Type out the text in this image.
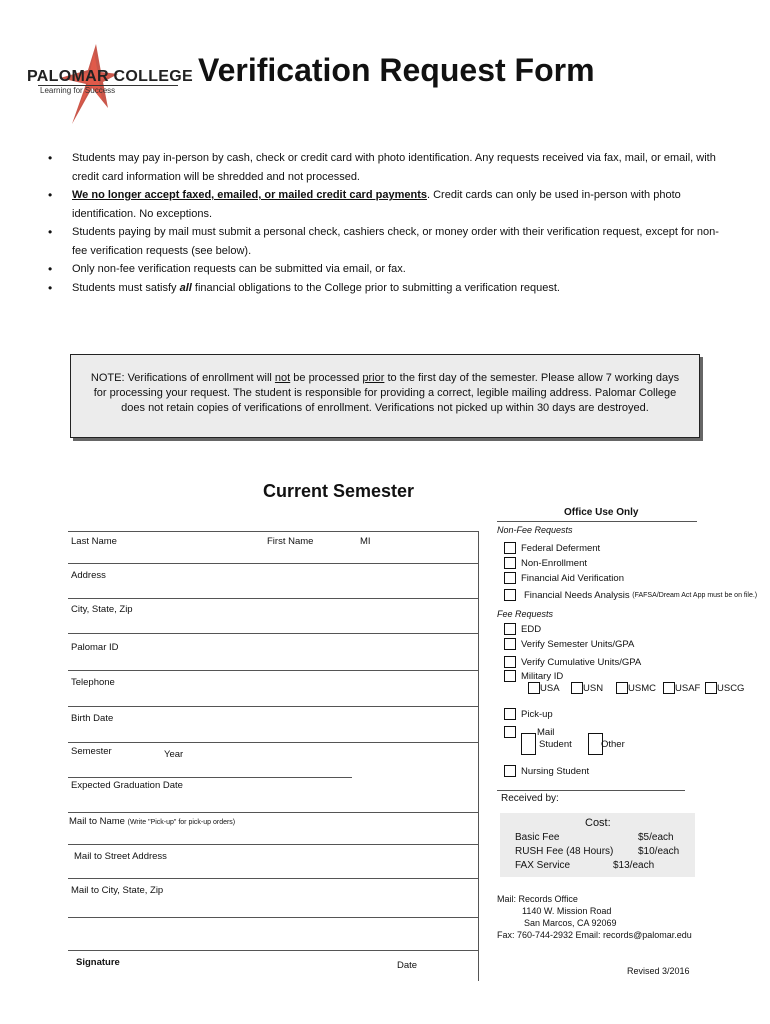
PALOMAR COLLEGE
Learning for Success
Verification Request Form
• Students may pay in-person by cash, check or credit card with photo identification. Any requests received via fax, mail, or email, with credit card information will be shredded and not processed.
• We no longer accept faxed, emailed, or mailed credit card payments. Credit cards can only be used in-person with photo identification. No exceptions.
• Students paying by mail must submit a personal check, cashiers check, or money order with their verification request, except for non-fee verification requests (see below).
• Only non-fee verification requests can be submitted via email, or fax.
• Students must satisfy all financial obligations to the College prior to submitting a verification request.

NOTE: Verifications of enrollment will not be processed prior to the first day of the semester. Please allow 7 working days for processing your request. The student is responsible for providing a correct, legible mailing address. Palomar College does not retain copies of verifications of enrollment. Verifications not picked up within 30 days are destroyed.

Current Semester
Last Name	First Name	MI
Address
City, State, Zip
Palomar ID
Telephone
Birth Date
Semester	Year
Expected Graduation Date
Mail to Name (Write "Pick-up" for pick-up orders)
Mail to Street Address
Mail to City, State, Zip
Signature	Date
Office Use Only
Non-Fee Requests
Federal Deferment
Non-Enrollment
Financial Aid Verification
Financial Needs Analysis
(FAFSA/Dream Act App must be on file.)
Fee Requests
EDD
Verify Semester Units/GPA
Verify Cumulative Units/GPA
Military ID
USA USN	USMC USAF USCG
Pick-up
Mail
Student	Other
Nursing Student
Received by:
Cost:
Basic Fee	$5/each
RUSH Fee (48 Hours) $10/each
FAX Service	$13/each
Mail: Records Office
1140 W. Mission Road
San Marcos, CA 92069
Fax: 760-744-2932 Email: records@palomar.edu
Revised 3/2016
